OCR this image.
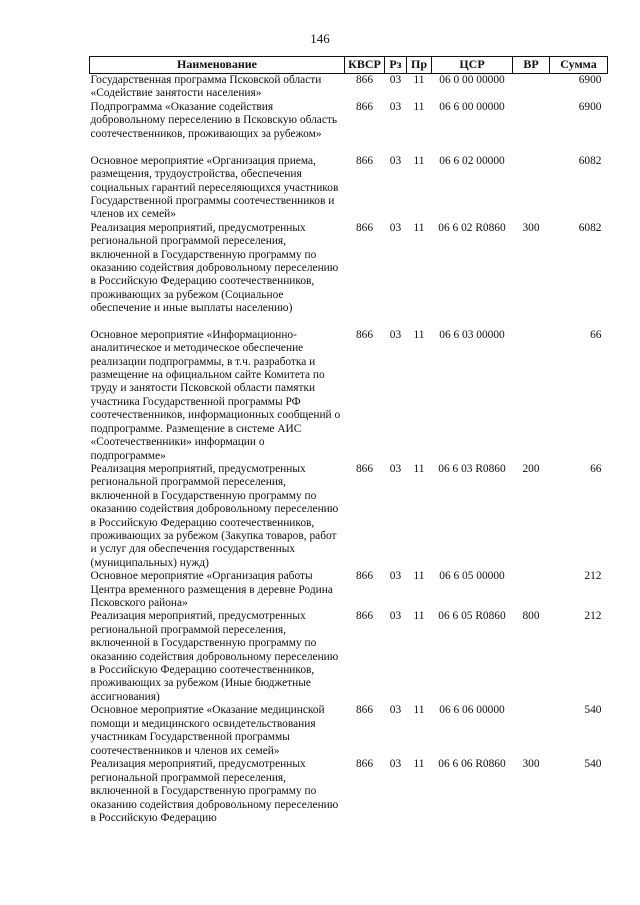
146
Наименование	КВСР	Рз	Пр	ЦСР	ВР	Сумма
Государственная программа Псковской области «Содействие занятости населения»	866	03	11	06 0 00 00000		6900
Подпрограмма «Оказание содействия добровольному переселению в Псковскую область соотечественников, проживающих за рубежом»	866	03	11	06 6 00 00000		6900
Основное мероприятие «Организация приема, размещения, трудоустройства, обеспечения социальных гарантий переселяющихся участников Государственной программы соотечественников и членов их семей»	866	03	11	06 6 02 00000		6082
Реализация мероприятий, предусмотренных региональной программой переселения, включенной в Государственную программу по оказанию содействия добровольному переселению в Российскую Федерацию соотечественников, проживающих за рубежом (Социальное обеспечение и иные выплаты населению)	866	03	11	06 6 02 R0860	300	6082
Основное мероприятие «Информационно-аналитическое и методическое обеспечение реализации подпрограммы, в т.ч. разработка и размещение на официальном сайте Комитета по труду и занятости Псковской области памятки участника Государственной программы РФ соотечественников, информационных сообщений о подпрограмме. Размещение в системе АИС «Соотечественники» информации о подпрограмме»	866	03	11	06 6 03 00000		66
Реализация мероприятий, предусмотренных региональной программой переселения, включенной в Государственную программу по оказанию содействия добровольному переселению в Российскую Федерацию соотечественников, проживающих за рубежом (Закупка товаров, работ и услуг для обеспечения государственных (муниципальных) нужд)	866	03	11	06 6 03 R0860	200	66
Основное мероприятие «Организация работы Центра временного размещения в деревне Родина Псковского района»	866	03	11	06 6 05 00000		212
Реализация мероприятий, предусмотренных региональной программой переселения, включенной в Государственную программу по оказанию содействия добровольному переселению в Российскую Федерацию соотечественников, проживающих за рубежом (Иные бюджетные ассигнования)	866	03	11	06 6 05 R0860	800	212
Основное мероприятие «Оказание медицинской помощи и медицинского освидетельствования участникам Государственной программы соотечественников и членов их семей»	866	03	11	06 6 06 00000		540
Реализация мероприятий, предусмотренных региональной программой переселения, включенной в Государственную программу по оказанию содействия добровольному переселению в Российскую Федерацию	866	03	11	06 6 06 R0860	300	540
